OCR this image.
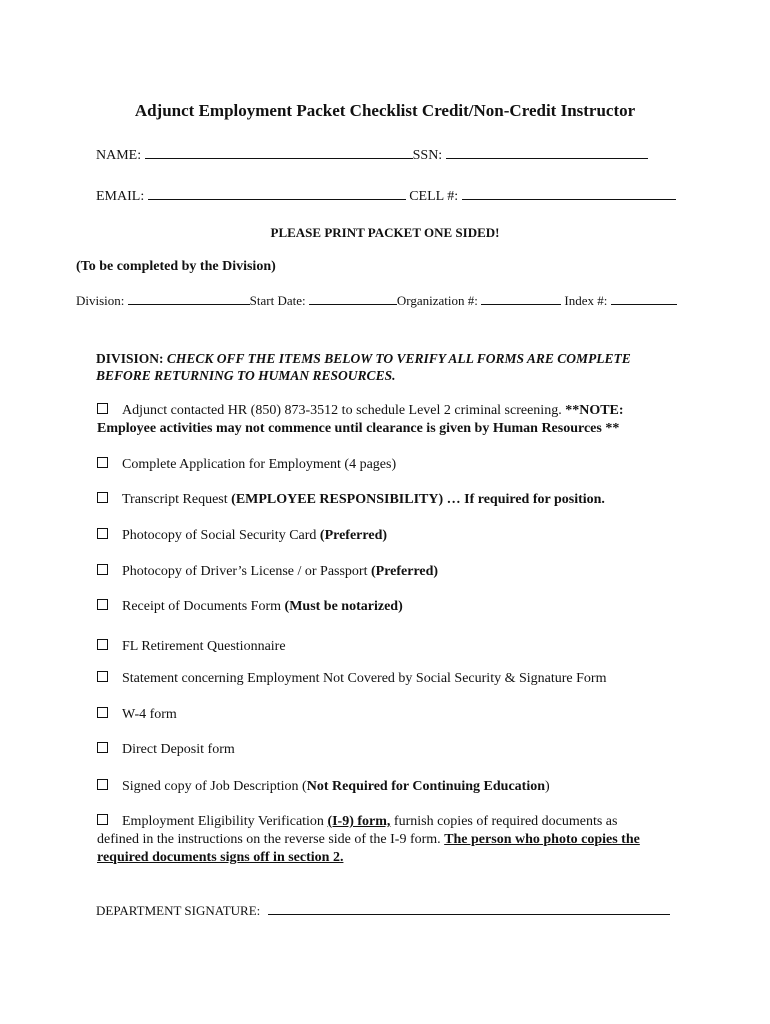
Adjunct Employment Packet Checklist Credit/Non-Credit Instructor
NAME:	SSN:
EMAIL:	CELL #:
PLEASE PRINT PACKET ONE SIDED!
(To be completed by the Division)
Division:	Start Date:	Organization #:	Index #:
DIVISION: CHECK OFF THE ITEMS BELOW TO VERIFY ALL FORMS ARE COMPLETE
BEFORE RETURNING TO HUMAN RESOURCES.
Adjunct contacted HR (850) 873-3512 to schedule Level 2 criminal screening. **NOTE:
Employee activities may not commence until clearance is given by Human Resources **
Complete Application for Employment (4 pages)
Transcript Request (EMPLOYEE RESPONSIBILITY) … If required for position.
Photocopy of Social Security Card (Preferred)
Photocopy of Driver’s License / or Passport (Preferred)
Receipt of Documents Form (Must be notarized)
FL Retirement Questionnaire
Statement concerning Employment Not Covered by Social Security & Signature Form
W-4 form
Direct Deposit form
Signed copy of Job Description (Not Required for Continuing Education)
Employment Eligibility Verification (I-9) form, furnish copies of required documents as
defined in the instructions on the reverse side of the I-9 form. The person who photo copies the
required documents signs off in section 2.
DEPARTMENT SIGNATURE:
